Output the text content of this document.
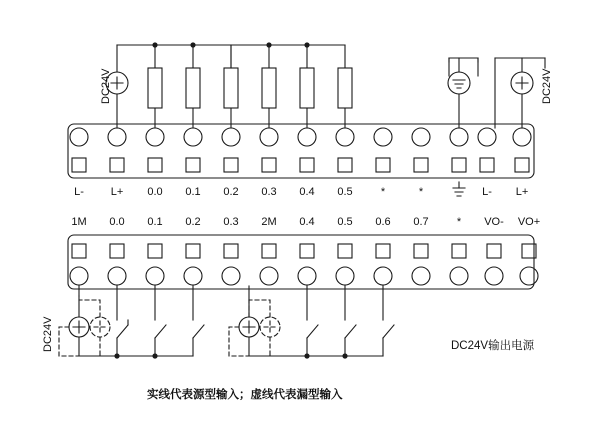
DC24V	DC24V
DC24V
L- L+ 0.0 0.1 0.2 0.3 0.4 0.5	*	*	L- L+
1M 0.0 0.1 0.2 0.3 2M 0.4 0.5 0.6 0.7	* VO- VO+
DC24V输出电源
实线代表源型输入；虚线代表漏型输入
